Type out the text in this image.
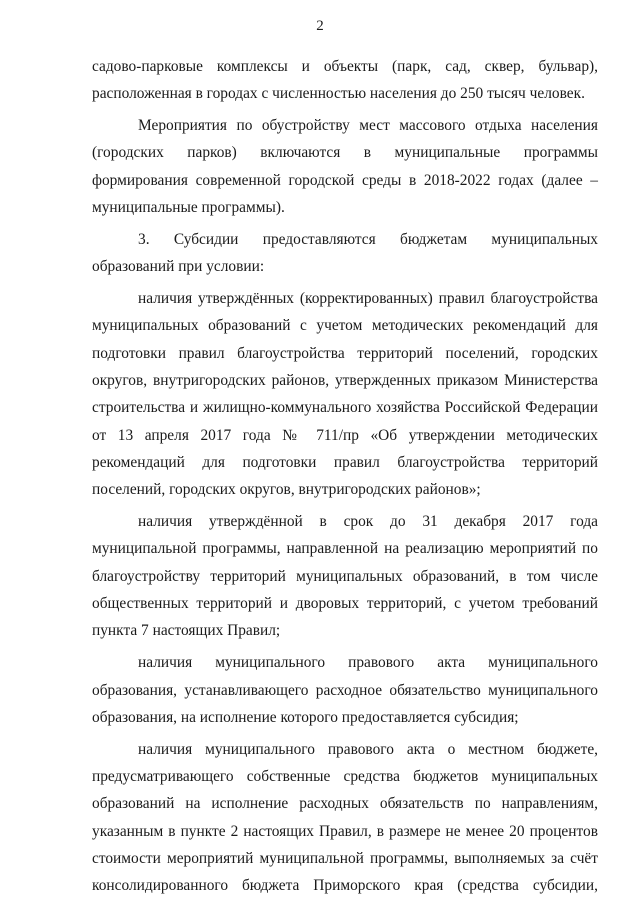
2

садово-парковые комплексы и объекты (парк, сад, сквер, бульвар), расположенная в городах с численностью населения до 250 тысяч человек.

Мероприятия по обустройству мест массового отдыха населения (городских парков) включаются в муниципальные программы формирования современной городской среды в 2018-2022 годах (далее – муниципальные программы).

3. Субсидии предоставляются бюджетам муниципальных образований при условии:

наличия утверждённых (корректированных) правил благоустройства муниципальных образований с учетом методических рекомендаций для подготовки правил благоустройства территорий поселений, городских округов, внутригородских районов, утвержденных приказом Министерства строительства и жилищно-коммунального хозяйства Российской Федерации от 13 апреля 2017 года № 711/пр «Об утверждении методических рекомендаций для подготовки правил благоустройства территорий поселений, городских округов, внутригородских районов»;

наличия утверждённой в срок до 31 декабря 2017 года муниципальной программы, направленной на реализацию мероприятий по благоустройству территорий муниципальных образований, в том числе общественных территорий и дворовых территорий, с учетом требований пункта 7 настоящих Правил;

наличия муниципального правового акта муниципального образования, устанавливающего расходное обязательство муниципального образования, на исполнение которого предоставляется субсидия;

наличия муниципального правового акта о местном бюджете, предусматривающего собственные средства бюджетов муниципальных образований на исполнение расходных обязательств по направлениям, указанным в пункте 2 настоящих Правил, в размере не менее 20 процентов стоимости мероприятий муниципальной программы, выполняемых за счёт консолидированного бюджета Приморского края (средства субсидии,
